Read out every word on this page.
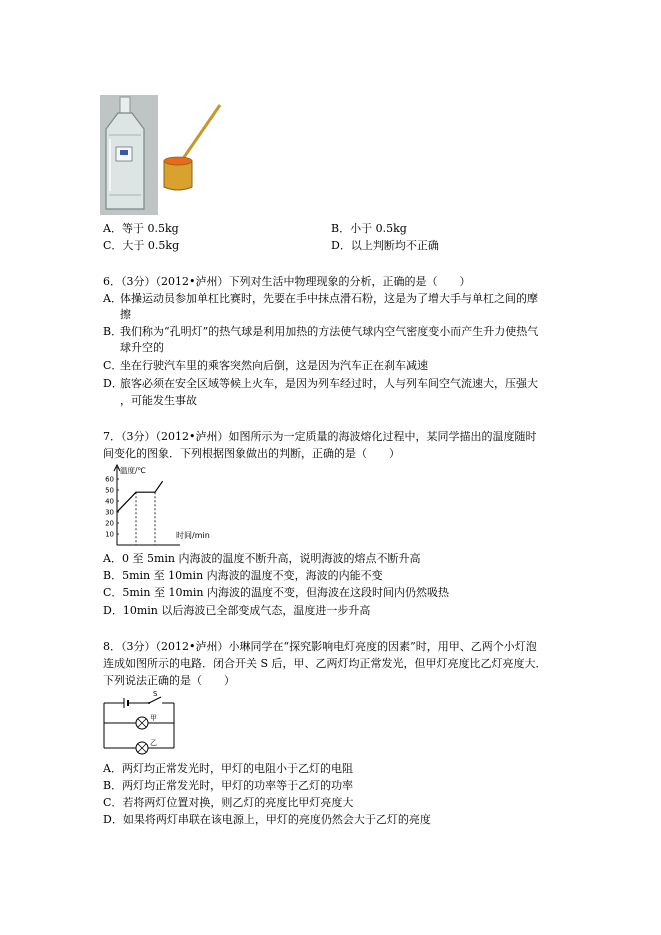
A．等于 0.5kg	B．小于 0.5kg
C．大于 0.5kg	D．以上判断均不正确
6．（3分）（2012•泸州）下列对生活中物理现象的分析，正确的是（　　）
A．
体操运动员参加单杠比赛时，先要在手中抹点滑石粉，这是为了增大手与单杠之间的摩
擦
B．
我们称为“孔明灯”的热气球是利用加热的方法使气球内空气密度变小而产生升力使热气
球升空的
C．
坐在行驶汽车里的乘客突然向后倒，这是因为汽车正在刹车减速
D．
旅客必须在安全区域等候上火车，是因为列车经过时，人与列车间空气流速大，压强大
，可能发生事故
7．（3分）（2012•泸州）如图所示为一定质量的海波熔化过程中，某同学描出的温度随时
间变化的图象．下列根据图象做出的判断，正确的是（　　）
温度/℃
10
20
30
40
50
60
时间/min
A．0 至 5min 内海波的温度不断升高，说明海波的熔点不断升高
B．5min 至 10min 内海波的温度不变，海波的内能不变
C．5min 至 10min 内海波的温度不变，但海波在这段时间内仍然吸热
D．10min 以后海波已全部变成气态，温度进一步升高
8．（3分）（2012•泸州）小琳同学在“探究影响电灯亮度的因素”时，用甲、乙两个小灯泡
连成如图所示的电路．闭合开关 S 后，甲、乙两灯均正常发光，但甲灯亮度比乙灯亮度大．
下列说法正确的是（　　）
S
甲
乙
A．两灯均正常发光时，甲灯的电阻小于乙灯的电阻
B．两灯均正常发光时，甲灯的功率等于乙灯的功率
C．若将两灯位置对换，则乙灯的亮度比甲灯亮度大
D．如果将两灯串联在该电源上，甲灯的亮度仍然会大于乙灯的亮度
